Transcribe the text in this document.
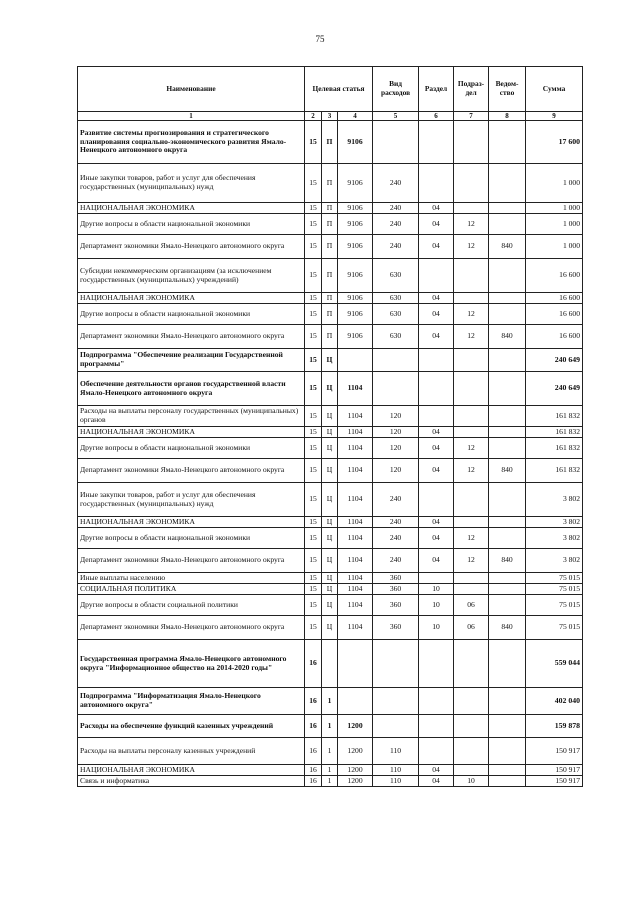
75
Наименование	Целевая статья			Вид расходов	Раздел	Подраз-дел	Ведом-ство	Сумма
1	2	3	4	5	6	7	8	9
Развитие системы прогнозирования и стратегического планирования социально-экономического развития Ямало-Ненецкого автономного округа	15	П	9106					17 600
Иные закупки товаров, работ и услуг для обеспечения государственных (муниципальных) нужд	15	П	9106	240				1 000
НАЦИОНАЛЬНАЯ ЭКОНОМИКА	15	П	9106	240	04			1 000
Другие вопросы в области национальной экономики	15	П	9106	240	04	12		1 000
Департамент экономики Ямало-Ненецкого автономного округа	15	П	9106	240	04	12	840	1 000
Субсидии некоммерческим организациям (за исключением государственных (муниципальных) учреждений)	15	П	9106	630				16 600
НАЦИОНАЛЬНАЯ ЭКОНОМИКА	15	П	9106	630	04			16 600
Другие вопросы в области национальной экономики	15	П	9106	630	04	12		16 600
Департамент экономики Ямало-Ненецкого автономного округа	15	П	9106	630	04	12	840	16 600
Подпрограмма "Обеспечение реализации Государственной программы"	15	Ц						240 649
Обеспечение деятельности органов государственной власти Ямало-Ненецкого автономного округа	15	Ц	1104					240 649
Расходы на выплаты персоналу государственных (муниципальных) органов	15	Ц	1104	120				161 832
НАЦИОНАЛЬНАЯ ЭКОНОМИКА	15	Ц	1104	120	04			161 832
Другие вопросы в области национальной экономики	15	Ц	1104	120	04	12		161 832
Департамент экономики Ямало-Ненецкого автономного округа	15	Ц	1104	120	04	12	840	161 832
Иные закупки товаров, работ и услуг для обеспечения государственных (муниципальных) нужд	15	Ц	1104	240				3 802
НАЦИОНАЛЬНАЯ ЭКОНОМИКА	15	Ц	1104	240	04			3 802
Другие вопросы в области национальной экономики	15	Ц	1104	240	04	12		3 802
Департамент экономики Ямало-Ненецкого автономного округа	15	Ц	1104	240	04	12	840	3 802
Иные выплаты населению	15	Ц	1104	360				75 015
СОЦИАЛЬНАЯ ПОЛИТИКА	15	Ц	1104	360	10			75 015
Другие вопросы в области социальной политики	15	Ц	1104	360	10	06		75 015
Департамент экономики Ямало-Ненецкого автономного округа	15	Ц	1104	360	10	06	840	75 015
Государственная программа Ямало-Ненецкого автономного округа "Информационное общество на 2014-2020 годы"	16							559 044
Подпрограмма "Информатизация Ямало-Ненецкого автономного округа"	16	1						402 040
Расходы на обеспечение функций казенных учреждений	16	1	1200					159 878
Расходы на выплаты персоналу казенных учреждений	16	1	1200	110				150 917
НАЦИОНАЛЬНАЯ ЭКОНОМИКА	16	1	1200	110	04			150 917
Связь и информатика	16	1	1200	110	04	10		150 917
